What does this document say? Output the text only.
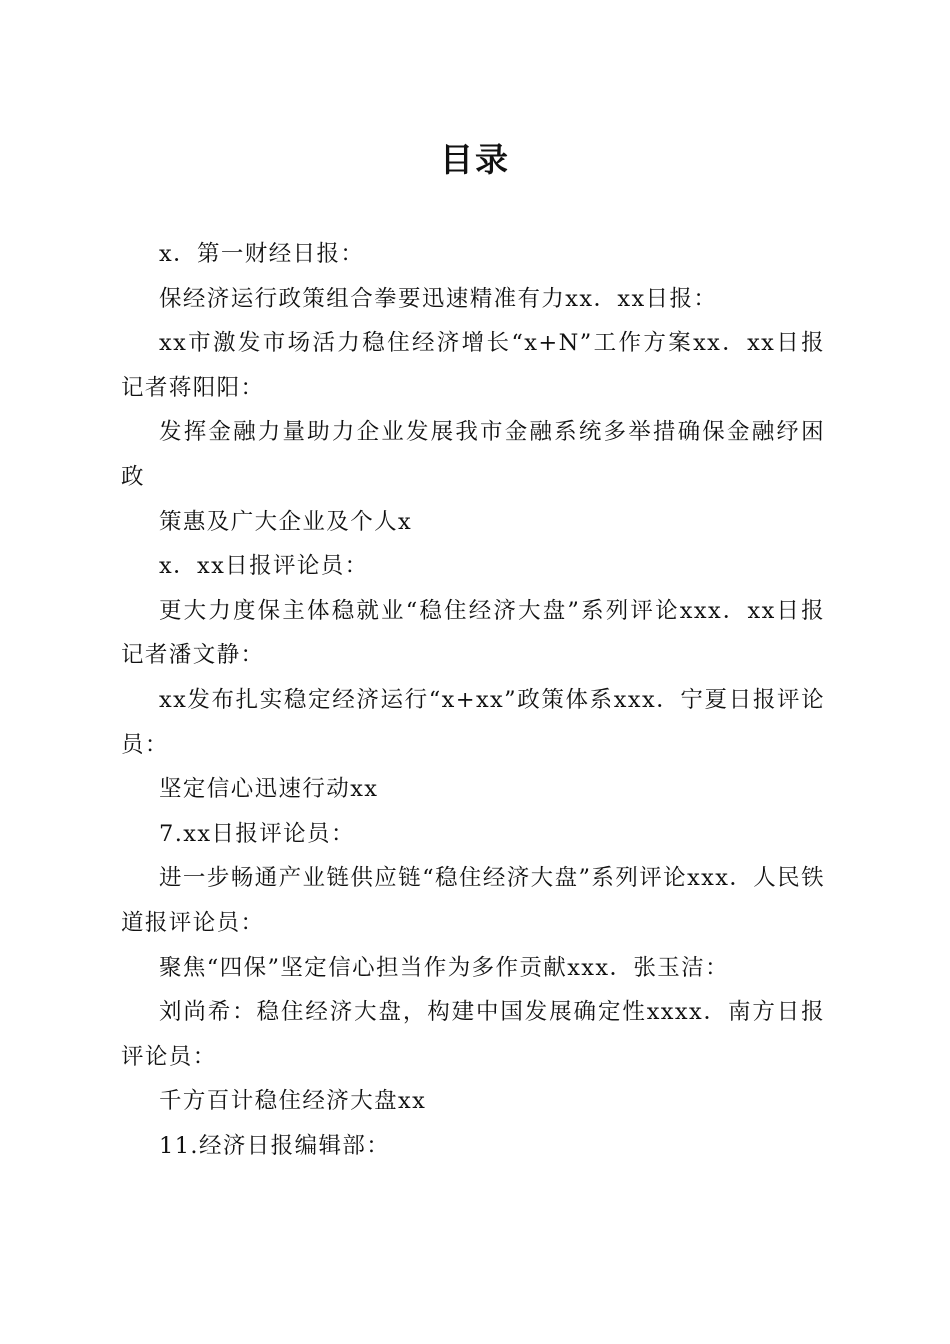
目录

x．第一财经日报：

保经济运行政策组合拳要迅速精准有力xx．xx日报：

xx市激发市场活力稳住经济增长“x+N”工作方案xx．xx日报记者蒋阳阳：

发挥金融力量助力企业发展我市金融系统多举措确保金融纾困政

策惠及广大企业及个人x

x．xx日报评论员：

更大力度保主体稳就业“稳住经济大盘”系列评论xxx．xx日报记者潘文静：

xx发布扎实稳定经济运行“x+xx”政策体系xxx．宁夏日报评论员：

坚定信心迅速行动xx

7.xx日报评论员：

进一步畅通产业链供应链“稳住经济大盘”系列评论xxx．人民铁道报评论员：

聚焦“四保”坚定信心担当作为多作贡献xxx．张玉洁：

刘尚希：稳住经济大盘，构建中国发展确定性xxxx．南方日报评论员：

千方百计稳住经济大盘xx

11.经济日报编辑部：
